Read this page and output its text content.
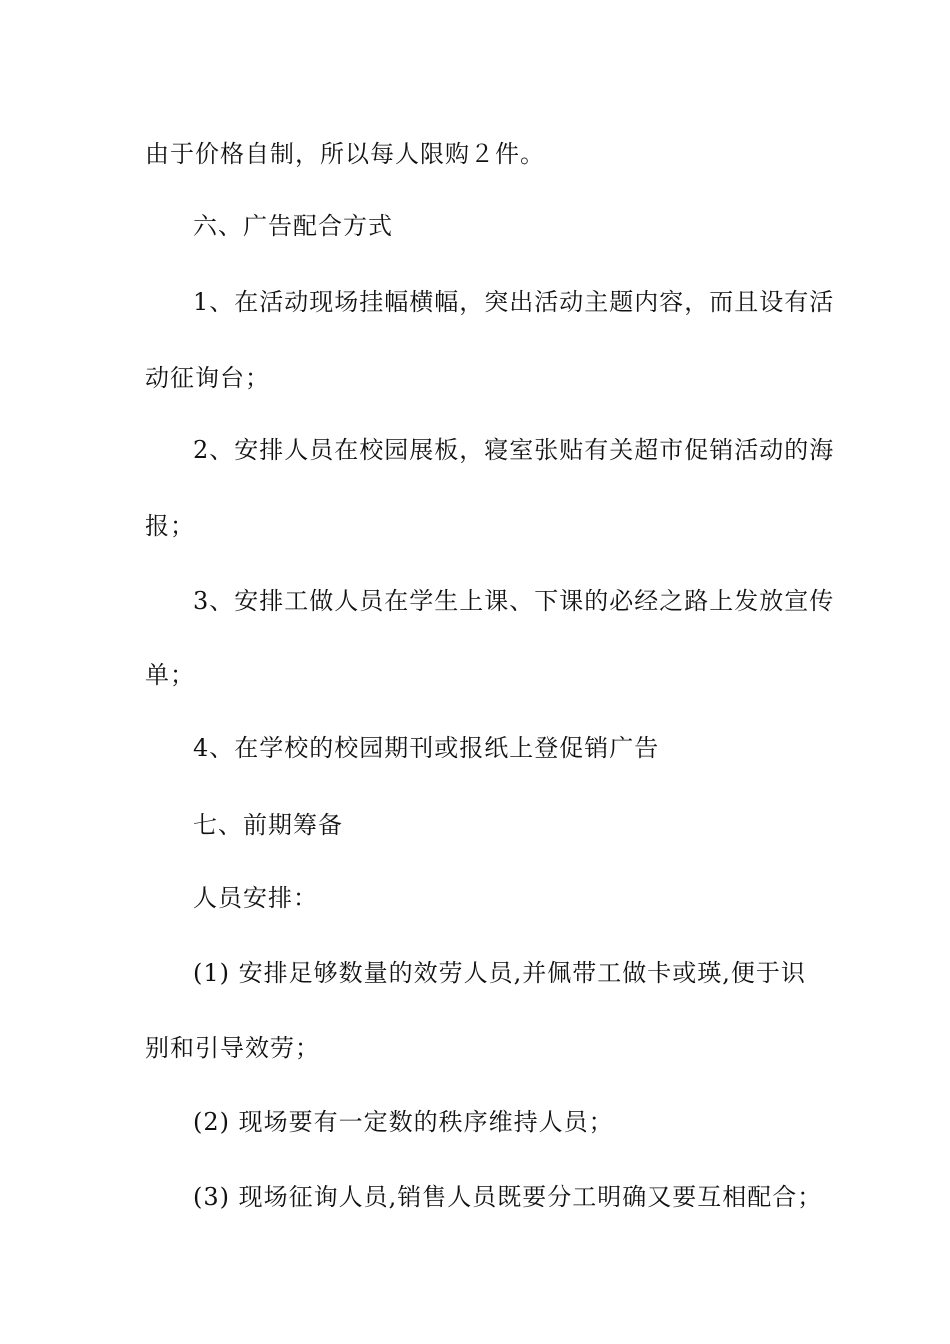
由于价格自制，所以每人限购２件。
六、广告配合方式
1、在活动现场挂幅横幅，突出活动主题内容，而且设有活
动征询台；
2、安排人员在校园展板，寝室张贴有关超市促销活动的海
报；
3、安排工做人员在学生上课、下课的必经之路上发放宣传
单；
4、在学校的校园期刊或报纸上登促销广告
七、前期筹备
人员安排：
(1) 安排足够数量的效劳人员,并佩带工做卡或瑛,便于识
别和引导效劳；
(2) 现场要有一定数的秩序维持人员；
(3) 现场征询人员,销售人员既要分工明确又要互相配合；
